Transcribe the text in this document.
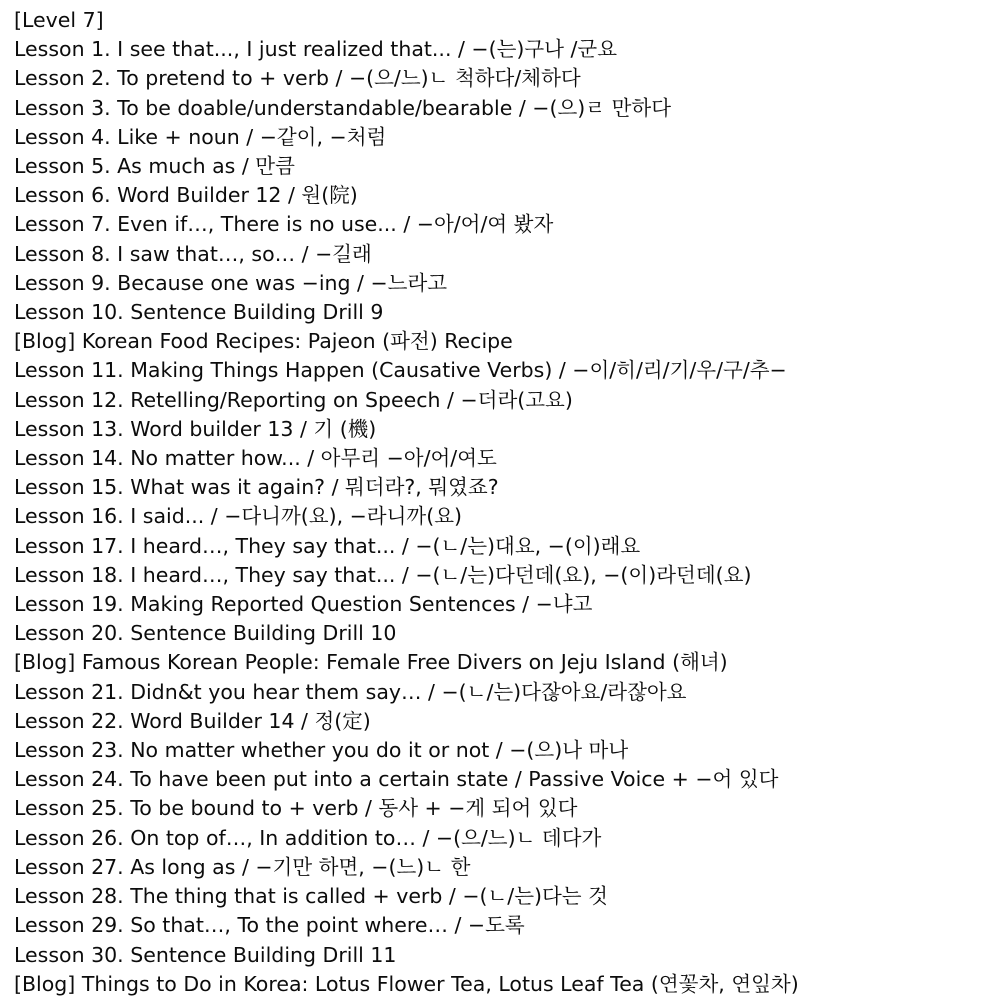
[Level 7]
Lesson 1. I see that..., I just realized that... / −(는)구나 /군요
Lesson 2. To pretend to + verb / −(으/느)ㄴ 척하다/체하다
Lesson 3. To be doable/understandable/bearable / −(으)ㄹ 만하다
Lesson 4. Like + noun / −같이, −처럼
Lesson 5. As much as / 만큼
Lesson 6. Word Builder 12 / 원(院)
Lesson 7. Even if…, There is no use... / −아/어/여 봤자
Lesson 8. I saw that…, so… / −길래
Lesson 9. Because one was −ing / −느라고
Lesson 10. Sentence Building Drill 9
[Blog] Korean Food Recipes: Pajeon (파전) Recipe
Lesson 11. Making Things Happen (Causative Verbs) / −이/히/리/기/우/구/추−
Lesson 12. Retelling/Reporting on Speech / −더라(고요)
Lesson 13. Word builder 13 / 기 (機)
Lesson 14. No matter how... / 아무리 −아/어/여도
Lesson 15. What was it again? / 뭐더라?, 뭐였죠?
Lesson 16. I said... / −다니까(요), −라니까(요)
Lesson 17. I heard…, They say that... / −(ㄴ/는)대요, −(이)래요
Lesson 18. I heard…, They say that... / −(ㄴ/는)다던데(요), −(이)라던데(요)
Lesson 19. Making Reported Question Sentences / −냐고
Lesson 20. Sentence Building Drill 10
[Blog] Famous Korean People: Female Free Divers on Jeju Island (해녀)
Lesson 21. Didn&t you hear them say… / −(ㄴ/는)다잖아요/라잖아요
Lesson 22. Word Builder 14 / 정(定)
Lesson 23. No matter whether you do it or not / −(으)나 마나
Lesson 24. To have been put into a certain state / Passive Voice + −어 있다
Lesson 25. To be bound to + verb / 동사 + −게 되어 있다
Lesson 26. On top of…, In addition to… / −(으/느)ㄴ 데다가
Lesson 27. As long as / −기만 하면, −(느)ㄴ 한
Lesson 28. The thing that is called + verb / −(ㄴ/는)다는 것
Lesson 29. So that…, To the point where… / −도록
Lesson 30. Sentence Building Drill 11
[Blog] Things to Do in Korea: Lotus Flower Tea, Lotus Leaf Tea (연꽃차, 연잎차)
